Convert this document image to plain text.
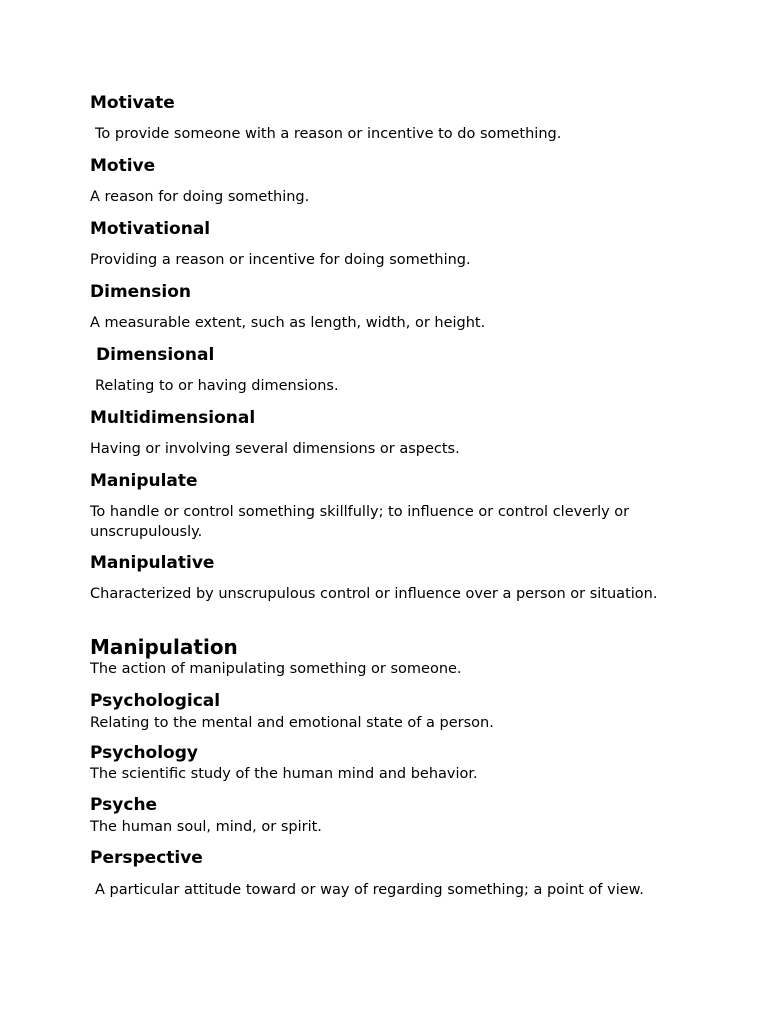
Motivate
To provide someone with a reason or incentive to do something.
Motive
A reason for doing something.
Motivational
Providing a reason or incentive for doing something.
Dimension
A measurable extent, such as length, width, or height.
Dimensional
Relating to or having dimensions.
Multidimensional
Having or involving several dimensions or aspects.
Manipulate
To handle or control something skillfully; to influence or control cleverly or unscrupulously.
Manipulative
Characterized by unscrupulous control or influence over a person or situation.
Manipulation
The action of manipulating something or someone.
Psychological
Relating to the mental and emotional state of a person.
Psychology
The scientific study of the human mind and behavior.
Psyche
The human soul, mind, or spirit.
Perspective
A particular attitude toward or way of regarding something; a point of view.
